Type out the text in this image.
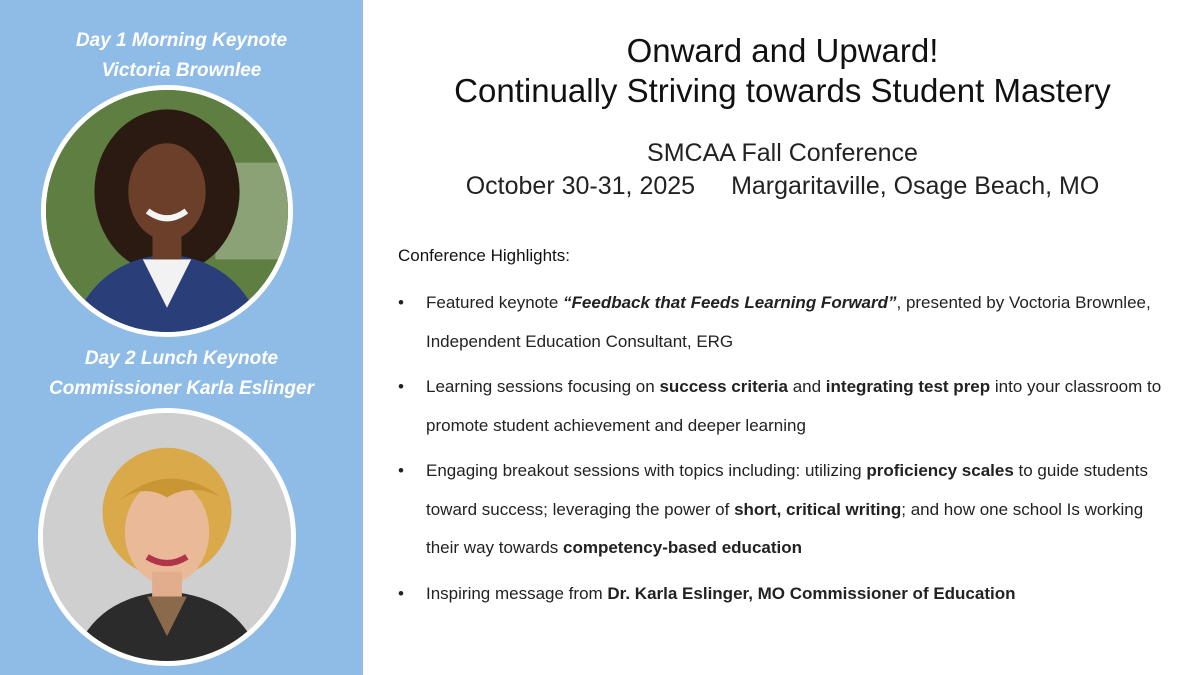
Day 1 Morning Keynote
Victoria Brownlee
Day 2 Lunch Keynote
Commissioner Karla Eslinger
Onward and Upward!
Continually Striving towards Student Mastery
SMCAA Fall Conference
October 30-31, 2025 Margaritaville, Osage Beach, MO
Conference Highlights:
• Featured keynote “Feedback that Feeds Learning Forward”, presented by Voctoria Brownlee, Independent Education Consultant, ERG
• Learning sessions focusing on success criteria and integrating test prep into your classroom to promote student achievement and deeper learning
• Engaging breakout sessions with topics including: utilizing proficiency scales to guide students toward success; leveraging the power of short, critical writing; and how one school Is working their way towards competency-based education
• Inspiring message from Dr. Karla Eslinger, MO Commissioner of Education
